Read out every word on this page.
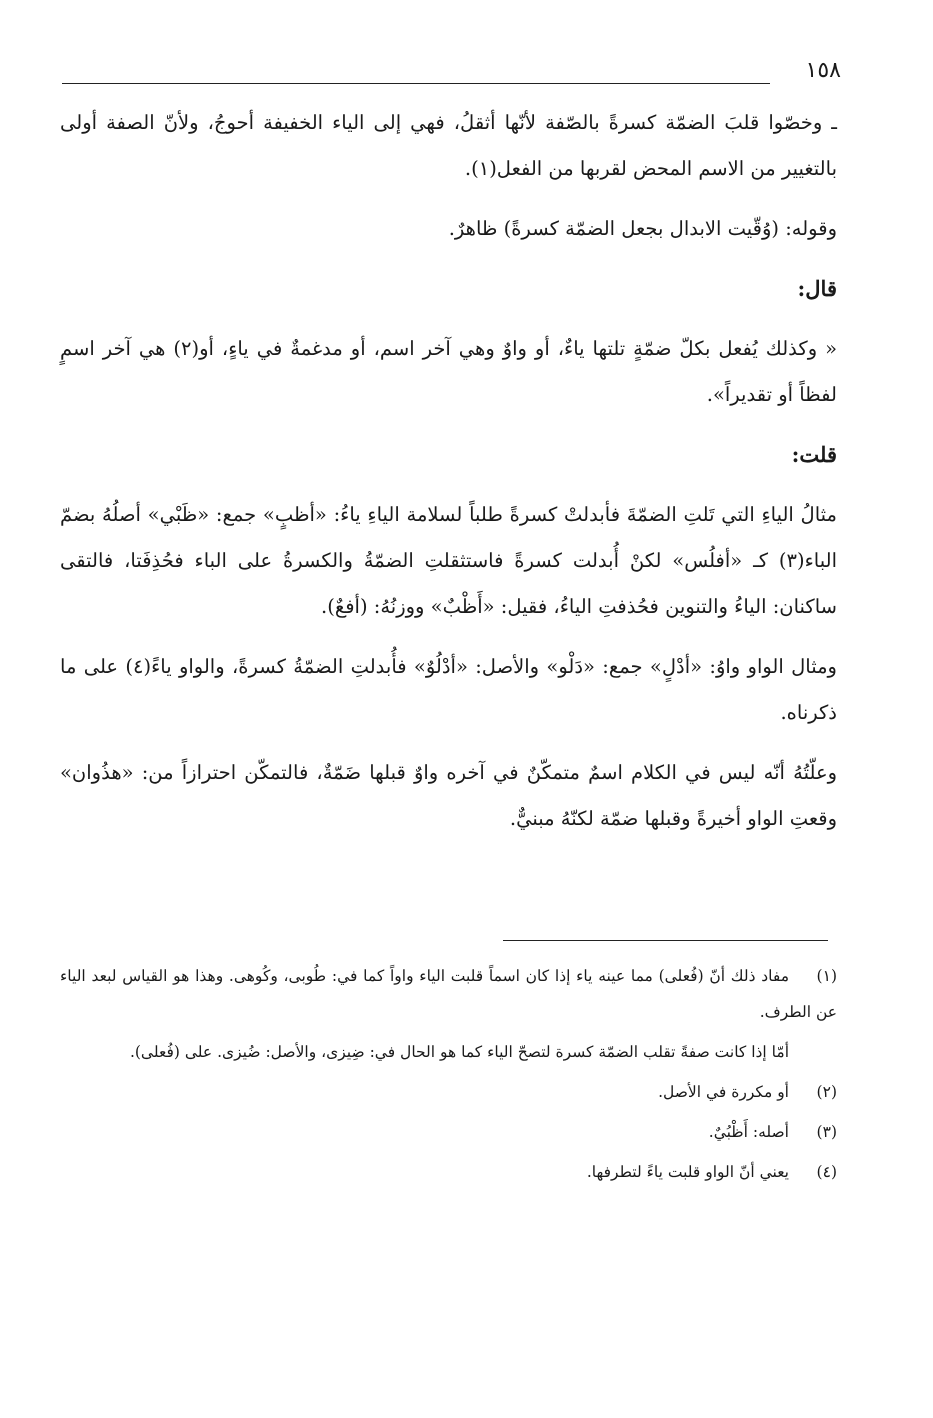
١٥٨

ـ وخصّوا قلبَ الضمّة كسرةً بالصّفة لأنّها أثقلُ، فهي إلى الياء الخفيفة أحوجُ، ولأنّ الصفة أولى بالتغيير من الاسم المحض لقربها من الفعل(١).

وقوله: (وُقّيت الابدال بجعل الضمّة كسرةً) ظاهرٌ.

قال:

« وكذلك يُفعل بكلّ ضمّةٍ تلتها ياءٌ، أو واوٌ وهي آخر اسم، أو مدغمةٌ في ياءٍ، أو(٢) هي آخر اسمٍ لفظاً أو تقديراً».

قلت:

مثالُ الياءِ التي تَلتِ الضمّةَ فأبدلتْ كسرةً طلباً لسلامة الياءِ ياءُ: «أظبٍ» جمع: «ظَبْي» أصلُهُ بضمّ الباء(٣) كـ «أفلُس» لكنْ أُبدلت كسرةً فاستثقلتِ الضمّةُ والكسرةُ على الباء فحُذِفَتا، فالتقى ساكنان: الياءُ والتنوين فحُذفتِ الياءُ، فقيل: «أَظْبٌ» ووزنُهُ: (أفعٌ).

ومثال الواو واوُ: «أدْلٍ» جمع: «دَلْو» والأصل: «أدْلُوٌ» فأُبدلتِ الضمّةُ كسرةً، والواو ياءً(٤) على ما ذكرناه.

وعلّتُهُ أنّه ليس في الكلام اسمٌ متمكّنٌ في آخره واوٌ قبلها ضَمّةٌ، فالتمكّن احترازاً من: «هذُوان» وقعتِ الواو أخيرةً وقبلها ضمّة لكنّهُ مبنيٌّ.

(١)مفاد ذلك أنّ (فُعلى) مما عينه ياء إذا كان اسماً قلبت الياء واواً كما في: طُوبى، وكُوهى. وهذا هو القياس لبعد الياء عن الطرف.

أمّا إذا كانت صفةً تقلب الضمّة كسرة لتصحّ الياء كما هو الحال في: ضِيزى، والأصل: ضُيزى. على (فُعلى).

(٢)أو مكررة في الأصل.

(٣)أصله: أَظْبُيٌ.

(٤)يعني أنّ الواو قلبت ياءً لتطرفها.
